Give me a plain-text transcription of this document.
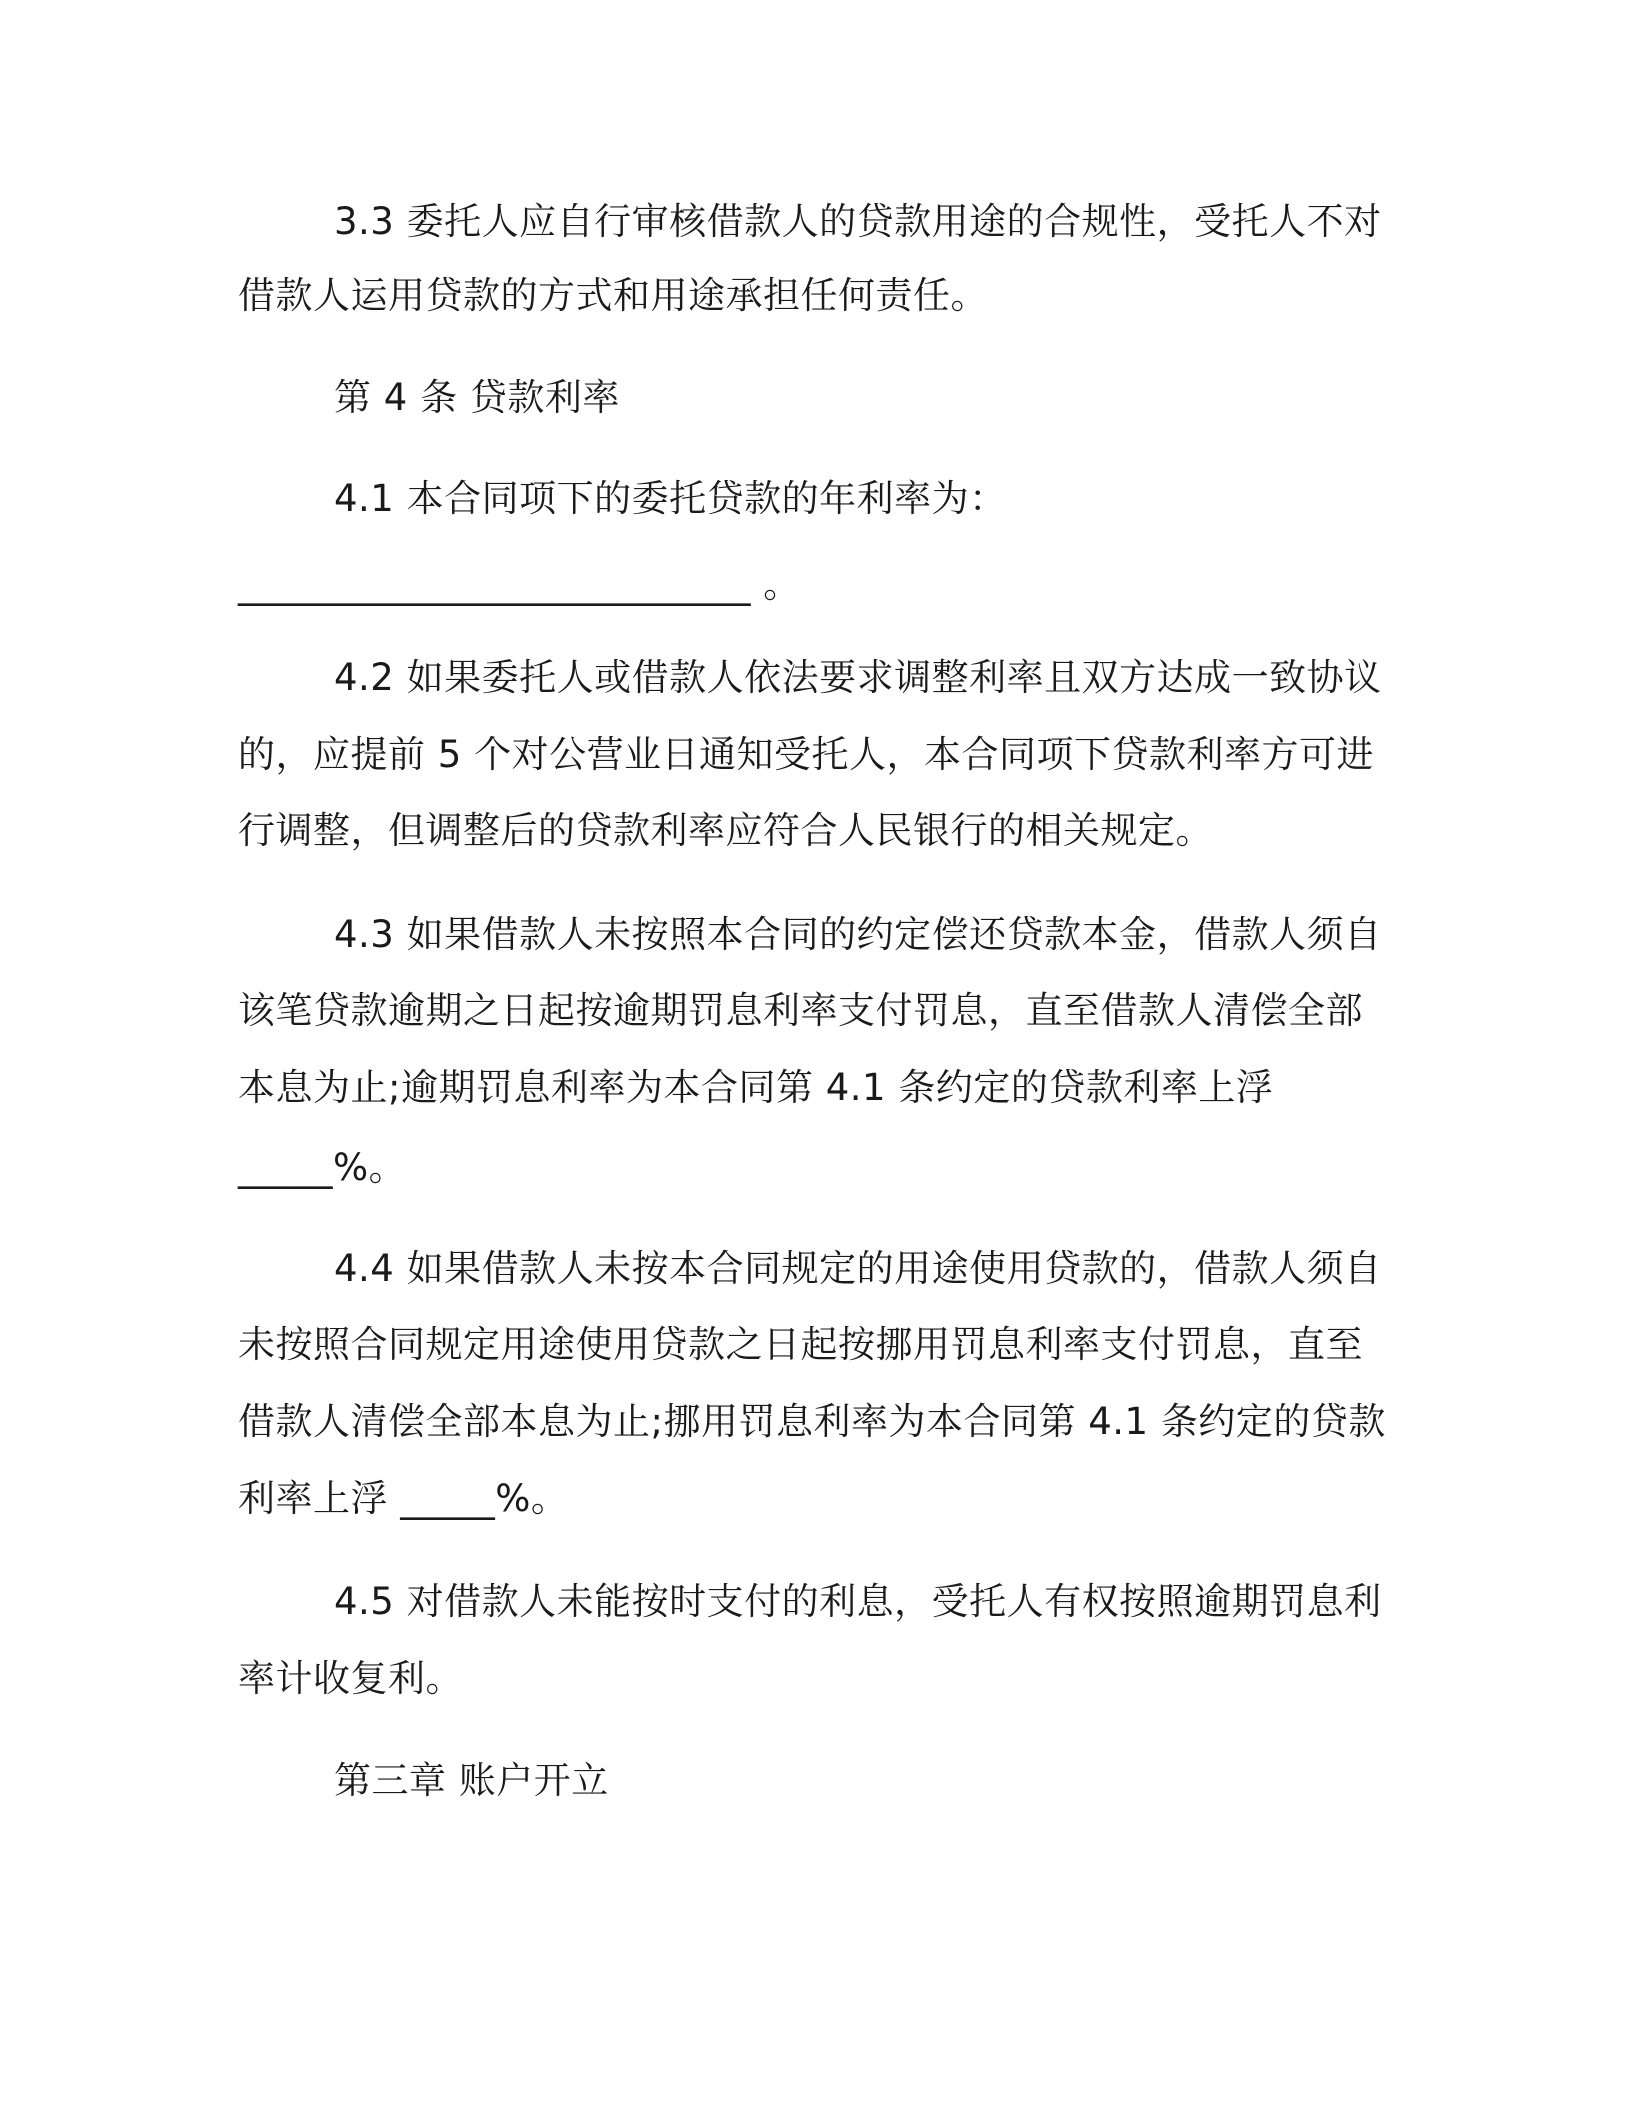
3.3 委托人应自行审核借款人的贷款用途的合规性，受托人不对
借款人运用贷款的方式和用途承担任何责任。
第 4 条 贷款利率
4.1 本合同项下的委托贷款的年利率为：
___________________________ 。
4.2 如果委托人或借款人依法要求调整利率且双方达成一致协议
的，应提前 5 个对公营业日通知受托人，本合同项下贷款利率方可进
行调整，但调整后的贷款利率应符合人民银行的相关规定。
4.3 如果借款人未按照本合同的约定偿还贷款本金，借款人须自
该笔贷款逾期之日起按逾期罚息利率支付罚息，直至借款人清偿全部
本息为止;逾期罚息利率为本合同第 4.1 条约定的贷款利率上浮
_____%。
4.4 如果借款人未按本合同规定的用途使用贷款的，借款人须自
未按照合同规定用途使用贷款之日起按挪用罚息利率支付罚息，直至
借款人清偿全部本息为止;挪用罚息利率为本合同第 4.1 条约定的贷款
利率上浮 _____%。
4.5 对借款人未能按时支付的利息，受托人有权按照逾期罚息利
率计收复利。
第三章 账户开立
